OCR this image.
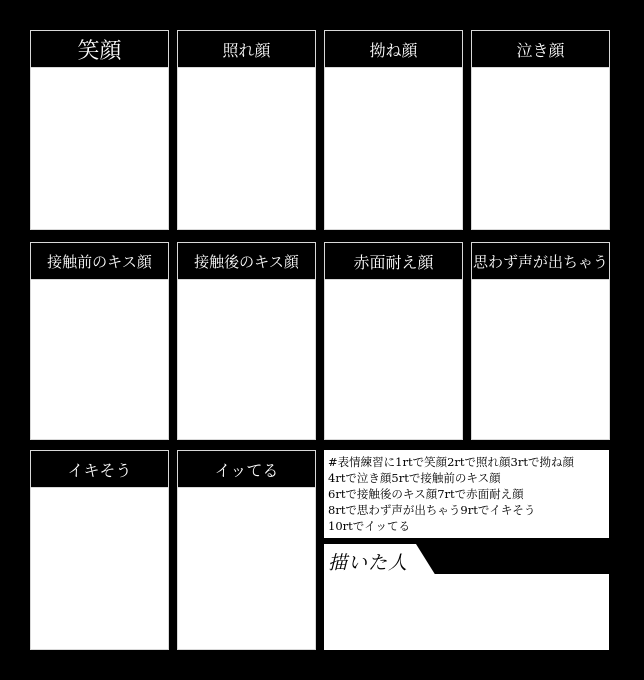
笑顔	照れ顔	拗ね顔	泣き顔
接触前のキス顔	接触後のキス顔	赤面耐え顔	思わず声が出ちゃう
イキそう	イッてる	#表情練習に1rtで笑顔2rtで照れ顔3rtで拗ね顔
4rtで泣き顔5rtで接触前のキス顔
6rtで接触後のキス顔7rtで赤面耐え顔
8rtで思わず声が出ちゃう9rtでイキそう
10rtでイッてる
描いた人
